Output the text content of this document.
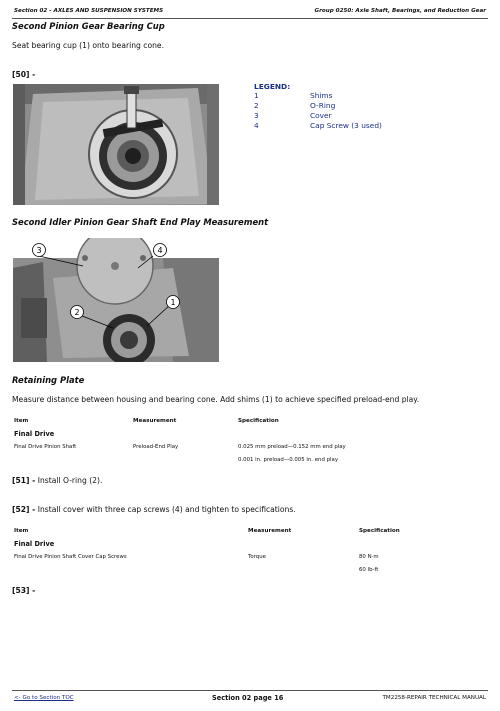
Section 02 - AXLES AND SUSPENSION SYSTEMS	Group 0250: Axle Shaft, Bearings, and Reduction Gear
Second Pinion Gear Bearing Cup
Seat bearing cup (1) onto bearing cone.
[50] -
LEGEND:
1	Shims
2	O-Ring
3	Cover
4	Cap Screw (3 used)
Second Idler Pinion Gear Shaft End Play Measurement
3	4
2
1
Retaining Plate
Measure distance between housing and bearing cone. Add shims (1) to achieve specified preload-end play.
Item	Measurement	Specification
Final Drive
Final Drive Pinion Shaft	Preload-End Play	0.025 mm preload—0.152 mm end play
0.001 in. preload—0.005 in. end play
[51] - Install O-ring (2).
[52] - Install cover with three cap screws (4) and tighten to specifications.
Item	Measurement	Specification
Final Drive
Final Drive Pinion Shaft Cover Cap Screws	Torque	80 N·m
60 lb-ft
[53] -
<- Go to Section TOC	Section 02 page 16	TM2258-REPAIR TECHNICAL MANUAL
